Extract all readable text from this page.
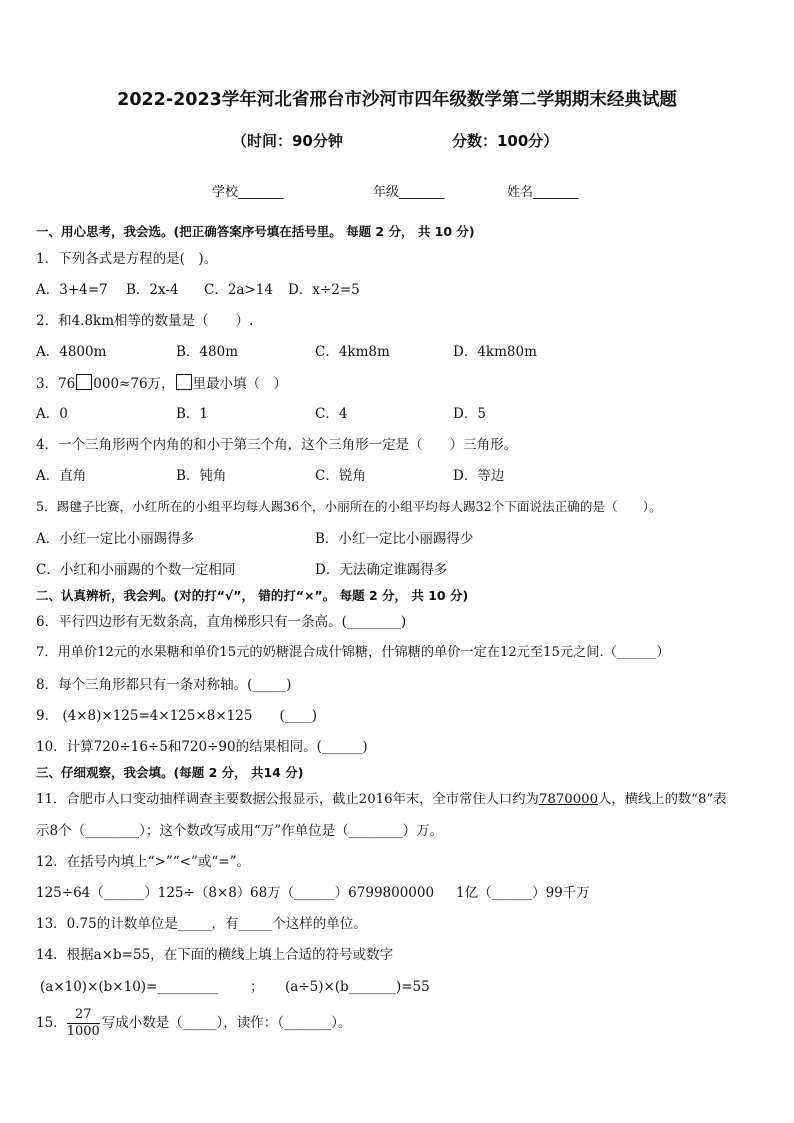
2022-2023学年河北省邢台市沙河市四年级数学第二学期期末经典试题
（时间：90分钟	分数：100分）
学校_______	年级_______	姓名_______
一、用心思考，我会选。(把正确答案序号填在括号里。 每题 2 分， 共 10 分)
1．下列各式是方程的是(　)。
A．3+4=7 B．2x-4 C．2a>14 D．x÷2=5
2．和4.8km相等的数量是（　　）.
A．4800m	B．480m	C．4km8m	D．4km80m
3．76 000≈76万， 里最小填（　）
A．0	B．1	C．4	D．5
4．一个三角形两个内角的和小于第三个角，这个三角形一定是（　　）三角形。
A．直角	B．钝角	C．锐角	D．等边
5．踢毽子比赛，小红所在的小组平均每人踢36个，小丽所在的小组平均每人踢32个下面说法正确的是（　　）。
A．小红一定比小丽踢得多	B．小红一定比小丽踢得少
C．小红和小丽踢的个数一定相同	D．无法确定谁踢得多
二、认真辨析，我会判。(对的打“√”， 错的打“×”。 每题 2 分， 共 10 分)
6．平行四边形有无数条高，直角梯形只有一条高。(________)
7．用单价12元的水果糖和单价15元的奶糖混合成什锦糖，什锦糖的单价一定在12元至15元之间.（______）
8．每个三角形都只有一条对称轴。(_____)
9． (4×8)×125=4×125×8×125　　(____)
10．计算720÷16÷5和720÷90的结果相同。(______)
三、仔细观察，我会填。(每题 2 分， 共14 分)
11．合肥市人口变动抽样调查主要数据公报显示，截止2016年末，全市常住人口约为7870000人，横线上的数“8”表
示8个（________）；这个数改写成用“万”作单位是（________）万。
12．在括号内填上“>”“<”或“=”。
125÷64（______）125÷（8×8） 68万（______）6799800000 1亿（______）99千万
13．0.75的计数单位是_____，有_____个这样的单位。
14．根据a×b=55，在下面的横线上填上合适的符号或数字
(a×10)×(b×10)=_________ ； (a÷5)×(b_______)=55
15． $\frac{27}{1000}$ 写成小数是（_____），读作：（_______）。
